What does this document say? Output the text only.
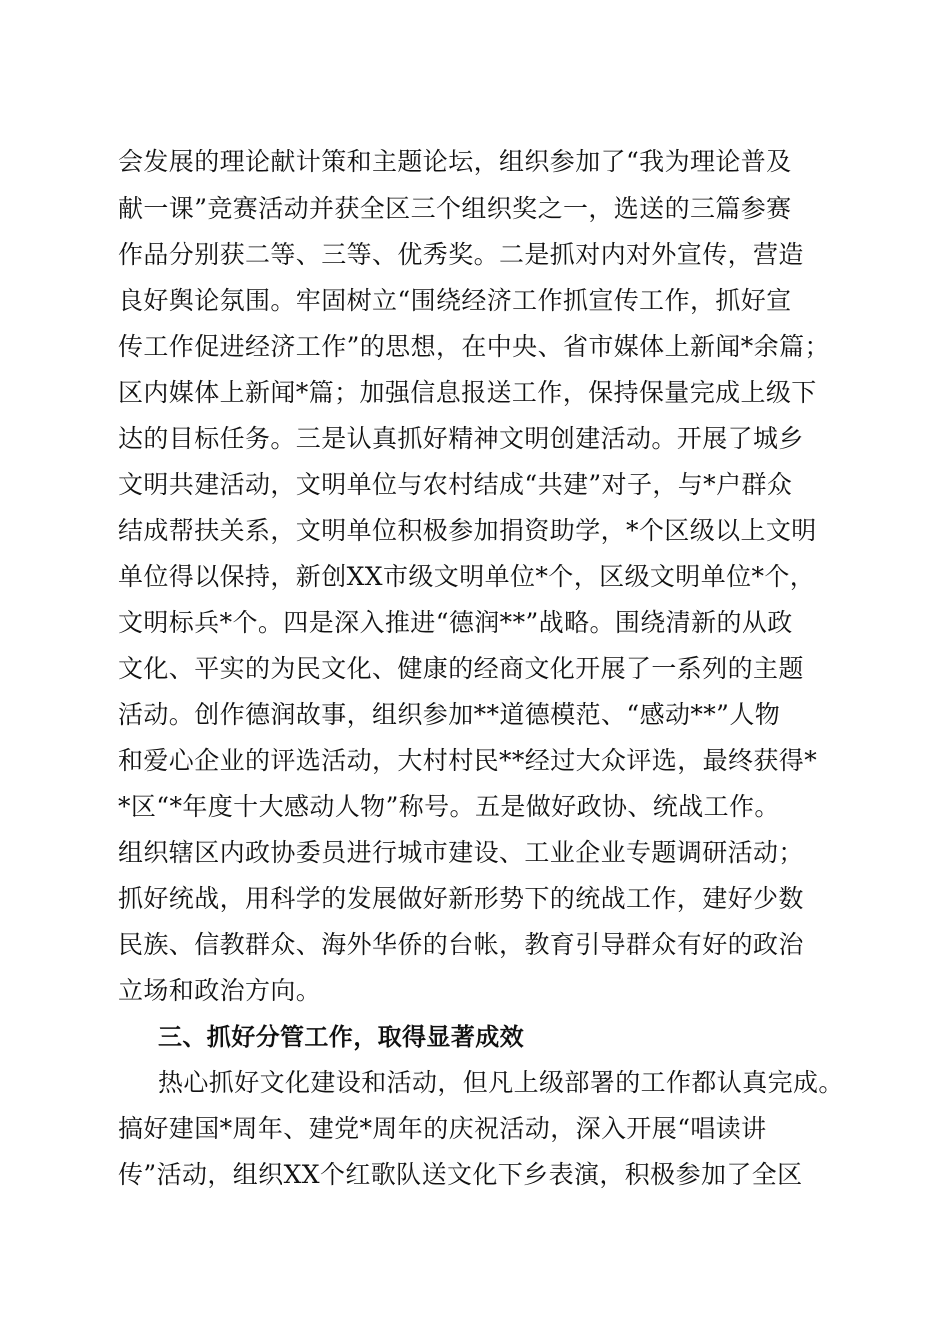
会发展的理论献计策和主题论坛，组织参加了“我为理论普及
献一课”竞赛活动并获全区三个组织奖之一，选送的三篇参赛
作品分别获二等、三等、优秀奖。二是抓对内对外宣传，营造
良好舆论氛围。牢固树立“围绕经济工作抓宣传工作，抓好宣
传工作促进经济工作”的思想，在中央、省市媒体上新闻*余篇；
区内媒体上新闻*篇；加强信息报送工作，保持保量完成上级下
达的目标任务。三是认真抓好精神文明创建活动。开展了城乡
文明共建活动，文明单位与农村结成“共建”对子，与*户群众
结成帮扶关系，文明单位积极参加捐资助学，*个区级以上文明
单位得以保持，新创XX市级文明单位*个，区级文明单位*个，
文明标兵*个。四是深入推进“德润**”战略。围绕清新的从政
文化、平实的为民文化、健康的经商文化开展了一系列的主题
活动。创作德润故事，组织参加**道德模范、“感动**”人物
和爱心企业的评选活动，大村村民**经过大众评选，最终获得*
*区“*年度十大感动人物”称号。五是做好政协、统战工作。
组织辖区内政协委员进行城市建设、工业企业专题调研活动；
抓好统战，用科学的发展做好新形势下的统战工作，建好少数
民族、信教群众、海外华侨的台帐，教育引导群众有好的政治
立场和政治方向。
三、抓好分管工作，取得显著成效
热心抓好文化建设和活动，但凡上级部署的工作都认真完成。
搞好建国*周年、建党*周年的庆祝活动，深入开展“唱读讲
传”活动，组织XX个红歌队送文化下乡表演，积极参加了全区
